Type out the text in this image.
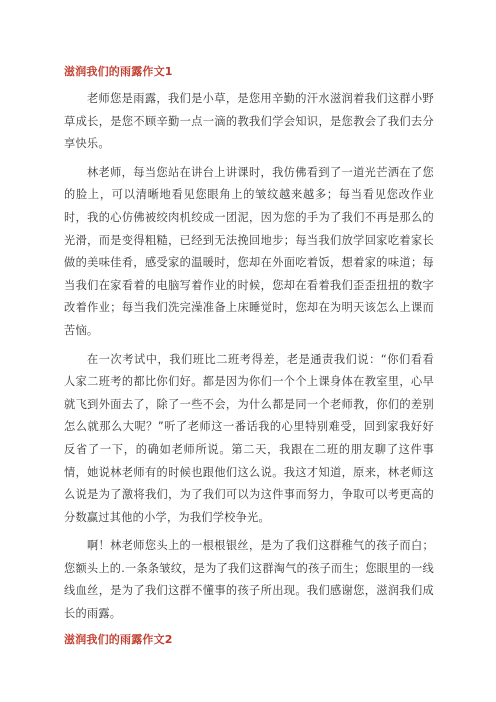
滋润我们的雨露作文1

老师您是雨露，我们是小草，是您用辛勤的汗水滋润着我们这群小野草成长，是您不顾辛勤一点一滴的教我们学会知识，是您教会了我们去分享快乐。

林老师，每当您站在讲台上讲课时，我仿佛看到了一道光芒洒在了您的脸上，可以清晰地看见您眼角上的皱纹越来越多；每当看见您改作业时，我的心仿佛被绞肉机绞成一团泥，因为您的手为了我们不再是那么的光滑，而是变得粗糙，已经到无法挽回地步；每当我们放学回家吃着家长做的美味佳肴，感受家的温暖时，您却在外面吃着饭，想着家的味道；每当我们在家看着的电脑写着作业的时候，您却在看着我们歪歪扭扭的数字改着作业；每当我们洗完澡准备上床睡觉时，您却在为明天该怎么上课而苦恼。

在一次考试中，我们班比二班考得差，老是通责我们说：“你们看看人家二班考的都比你们好。都是因为你们一个个上课身体在教室里，心早就飞到外面去了，除了一些不会，为什么都是同一个老师教，你们的差别怎么就那么大呢？”听了老师这一番话我的心里特别难受，回到家我好好反省了一下，的确如老师所说。第二天，我跟在二班的朋友聊了这件事情，她说林老师有的时候也跟他们这么说。我这才知道，原来，林老师这么说是为了激将我们，为了我们可以为这件事而努力，争取可以考更高的分数赢过其他的小学，为我们学校争光。

啊！林老师您头上的一根根银丝，是为了我们这群稚气的孩子而白；您额头上的.一条条皱纹，是为了我们这群淘气的孩子而生；您眼里的一线线血丝，是为了我们这群不懂事的孩子所出现。我们感谢您，滋润我们成长的雨露。

滋润我们的雨露作文2
